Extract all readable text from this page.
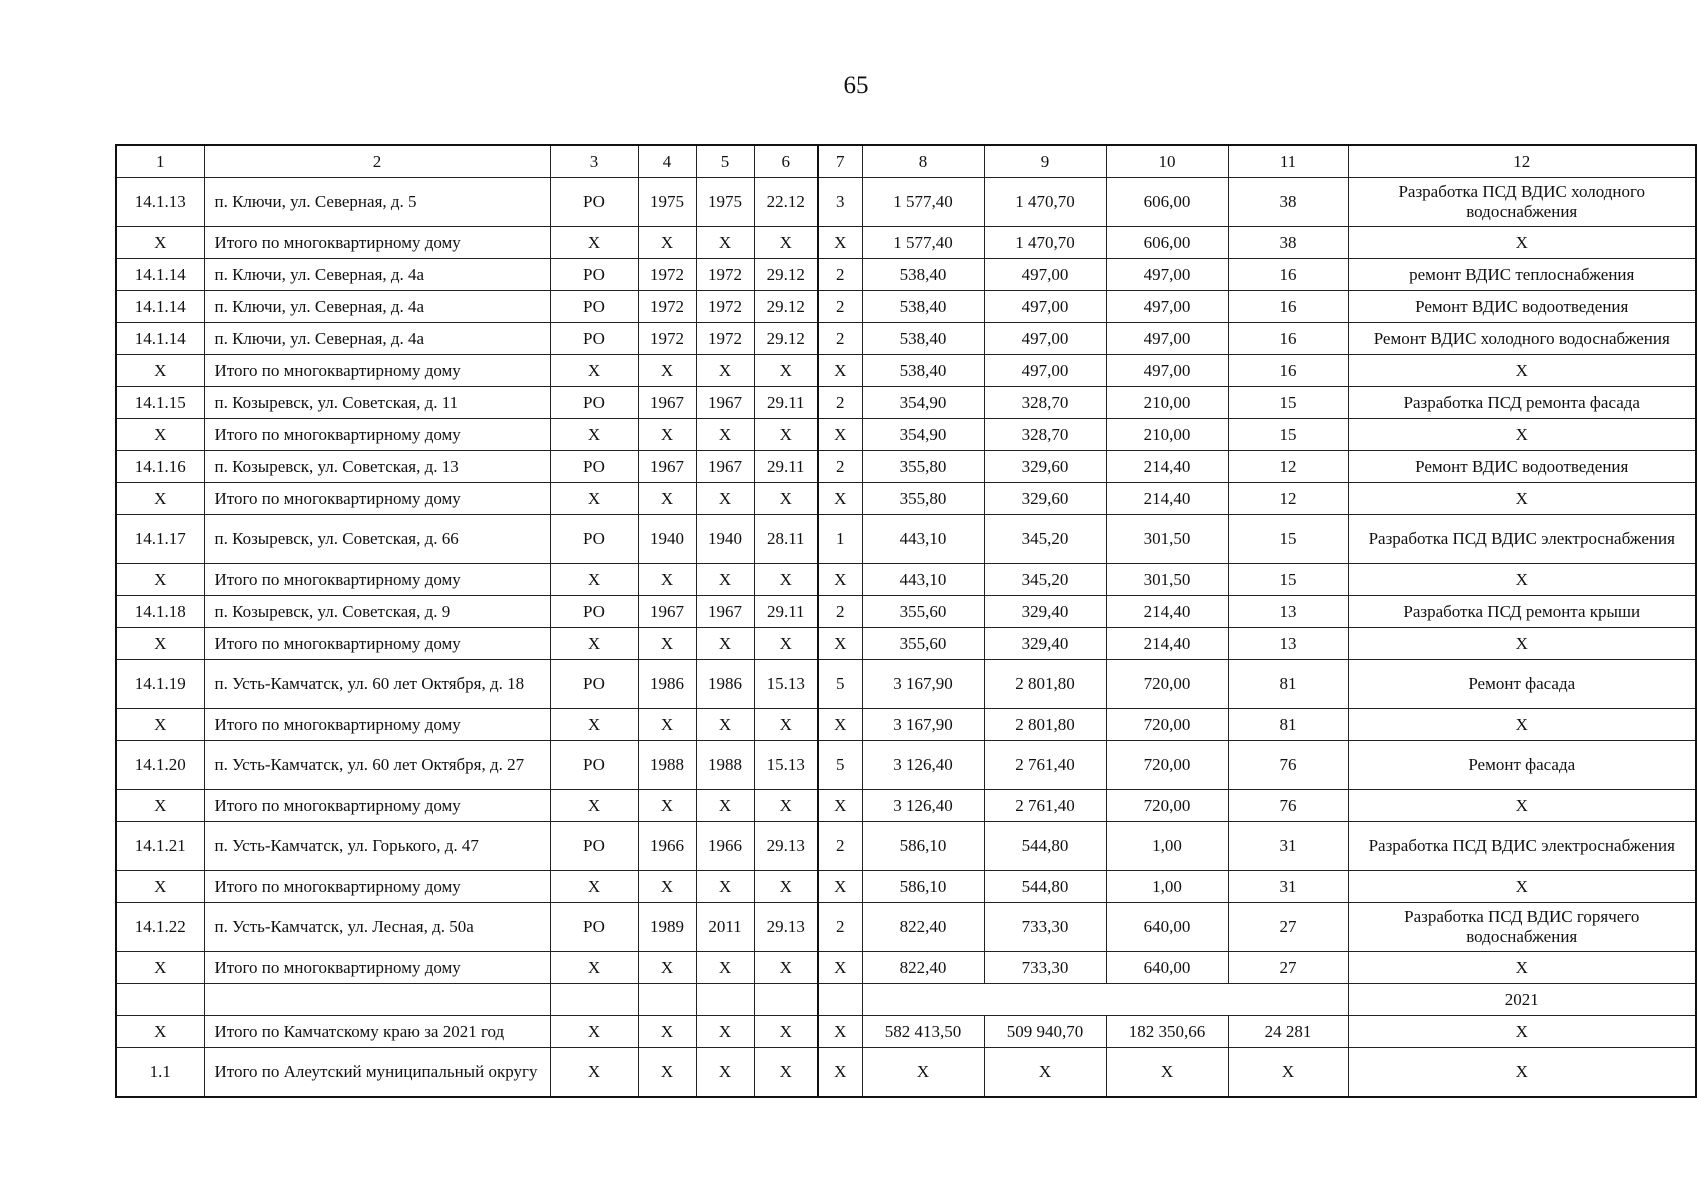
65
1	2	3	4	5	6	7	8	9	10	11	12
14.1.13	п. Ключи, ул. Северная, д. 5	РО	1975	1975	22.12	3	1 577,40	1 470,70	606,00	38	Разработка ПСД ВДИС холодного водоснабжения
Х	Итого по многоквартирному дому	Х	Х	Х	Х	Х	1 577,40	1 470,70	606,00	38	Х
14.1.14	п. Ключи, ул. Северная, д. 4а	РО	1972	1972	29.12	2	538,40	497,00	497,00	16	ремонт ВДИС теплоснабжения
14.1.14	п. Ключи, ул. Северная, д. 4а	РО	1972	1972	29.12	2	538,40	497,00	497,00	16	Ремонт ВДИС водоотведения
14.1.14	п. Ключи, ул. Северная, д. 4а	РО	1972	1972	29.12	2	538,40	497,00	497,00	16	Ремонт ВДИС холодного водоснабжения
Х	Итого по многоквартирному дому	Х	Х	Х	Х	Х	538,40	497,00	497,00	16	Х
14.1.15	п. Козыревск, ул. Советская, д. 11	РО	1967	1967	29.11	2	354,90	328,70	210,00	15	Разработка ПСД ремонта фасада
Х	Итого по многоквартирному дому	Х	Х	Х	Х	Х	354,90	328,70	210,00	15	Х
14.1.16	п. Козыревск, ул. Советская, д. 13	РО	1967	1967	29.11	2	355,80	329,60	214,40	12	Ремонт ВДИС водоотведения
Х	Итого по многоквартирному дому	Х	Х	Х	Х	Х	355,80	329,60	214,40	12	Х
14.1.17	п. Козыревск, ул. Советская, д. 66	РО	1940	1940	28.11	1	443,10	345,20	301,50	15	Разработка ПСД ВДИС электроснабжения
Х	Итого по многоквартирному дому	Х	Х	Х	Х	Х	443,10	345,20	301,50	15	Х
14.1.18	п. Козыревск, ул. Советская, д. 9	РО	1967	1967	29.11	2	355,60	329,40	214,40	13	Разработка ПСД ремонта крыши
Х	Итого по многоквартирному дому	Х	Х	Х	Х	Х	355,60	329,40	214,40	13	Х
14.1.19	п. Усть-Камчатск, ул. 60 лет Октября, д. 18	РО	1986	1986	15.13	5	3 167,90	2 801,80	720,00	81	Ремонт фасада
Х	Итого по многоквартирному дому	Х	Х	Х	Х	Х	3 167,90	2 801,80	720,00	81	Х
14.1.20	п. Усть-Камчатск, ул. 60 лет Октября, д. 27	РО	1988	1988	15.13	5	3 126,40	2 761,40	720,00	76	Ремонт фасада
Х	Итого по многоквартирному дому	Х	Х	Х	Х	Х	3 126,40	2 761,40	720,00	76	Х
14.1.21	п. Усть-Камчатск, ул. Горького, д. 47	РО	1966	1966	29.13	2	586,10	544,80	1,00	31	Разработка ПСД ВДИС электроснабжения
Х	Итого по многоквартирному дому	Х	Х	Х	Х	Х	586,10	544,80	1,00	31	Х
14.1.22	п. Усть-Камчатск, ул. Лесная, д. 50а	РО	1989	2011	29.13	2	822,40	733,30	640,00	27	Разработка ПСД ВДИС горячего водоснабжения
Х	Итого по многоквартирному дому	Х	Х	Х	Х	Х	822,40	733,30	640,00	27	Х
											2021
Х	Итого по Камчатскому краю за 2021 год	Х	Х	Х	Х	Х	582 413,50	509 940,70	182 350,66	24 281	Х
1.1	Итого по Алеутский муниципальный округу	Х	Х	Х	Х	Х	Х	Х	Х	Х	Х
